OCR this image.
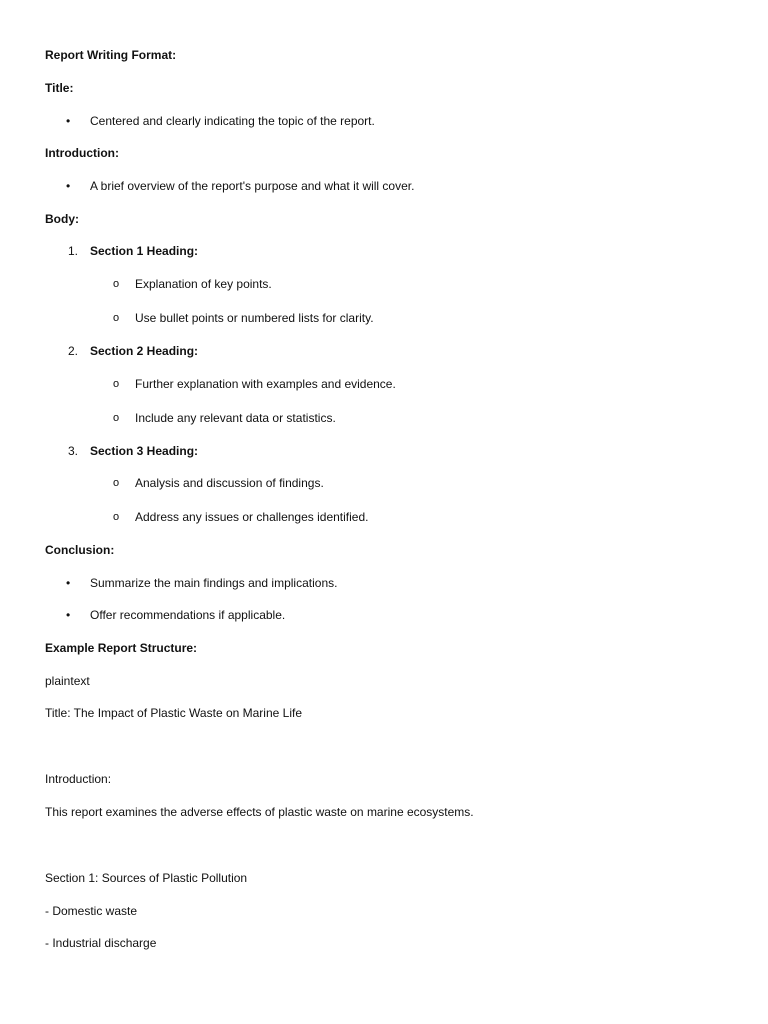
Report Writing Format:
Title:
• Centered and clearly indicating the topic of the report.
Introduction:
• A brief overview of the report's purpose and what it will cover.
Body:
1. Section 1 Heading:
o Explanation of key points.
o Use bullet points or numbered lists for clarity.
2. Section 2 Heading:
o Further explanation with examples and evidence.
o Include any relevant data or statistics.
3. Section 3 Heading:
o Analysis and discussion of findings.
o Address any issues or challenges identified.
Conclusion:
• Summarize the main findings and implications.
• Offer recommendations if applicable.
Example Report Structure:
plaintext
Title: The Impact of Plastic Waste on Marine Life
Introduction:
This report examines the adverse effects of plastic waste on marine ecosystems.
Section 1: Sources of Plastic Pollution
- Domestic waste
- Industrial discharge
